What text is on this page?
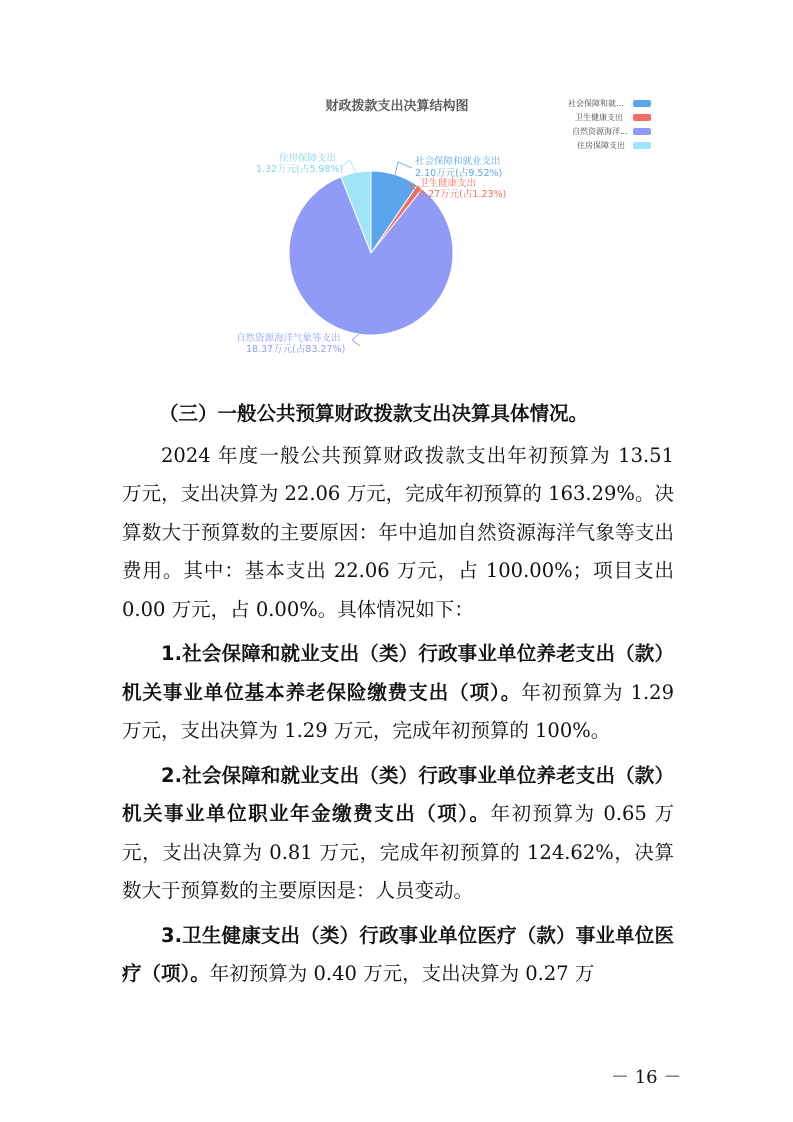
财政拨款支出决算结构图
社会保障和就业支出
2.10万元(占9.52%)
卫生健康支出
0.27万元(占1.23%)
自然资源海洋气象等支出
18.37万元(占83.27%)
住房保障支出
1.32万元(占5.98%)
社会保障和就...
卫生健康支出
自然资源海洋...
住房保障支出

（三）一般公共预算财政拨款支出决算具体情况。

2024 年度一般公共预算财政拨款支出年初预算为 13.51 万元，支出决算为 22.06 万元，完成年初预算的 163.29%。决算数大于预算数的主要原因：年中追加自然资源海洋气象等支出费用。其中：基本支出 22.06 万元，占 100.00%；项目支出 0.00 万元，占 0.00%。具体情况如下：

1.社会保障和就业支出（类）行政事业单位养老支出（款）机关事业单位基本养老保险缴费支出（项）。年初预算为 1.29 万元，支出决算为 1.29 万元，完成年初预算的 100%。

2.社会保障和就业支出（类）行政事业单位养老支出（款）机关事业单位职业年金缴费支出（项）。年初预算为 0.65 万元，支出决算为 0.81 万元，完成年初预算的 124.62%，决算数大于预算数的主要原因是：人员变动。

3.卫生健康支出（类）行政事业单位医疗（款）事业单位医疗（项）。年初预算为 0.40 万元，支出决算为 0.27 万

－ 16 －
